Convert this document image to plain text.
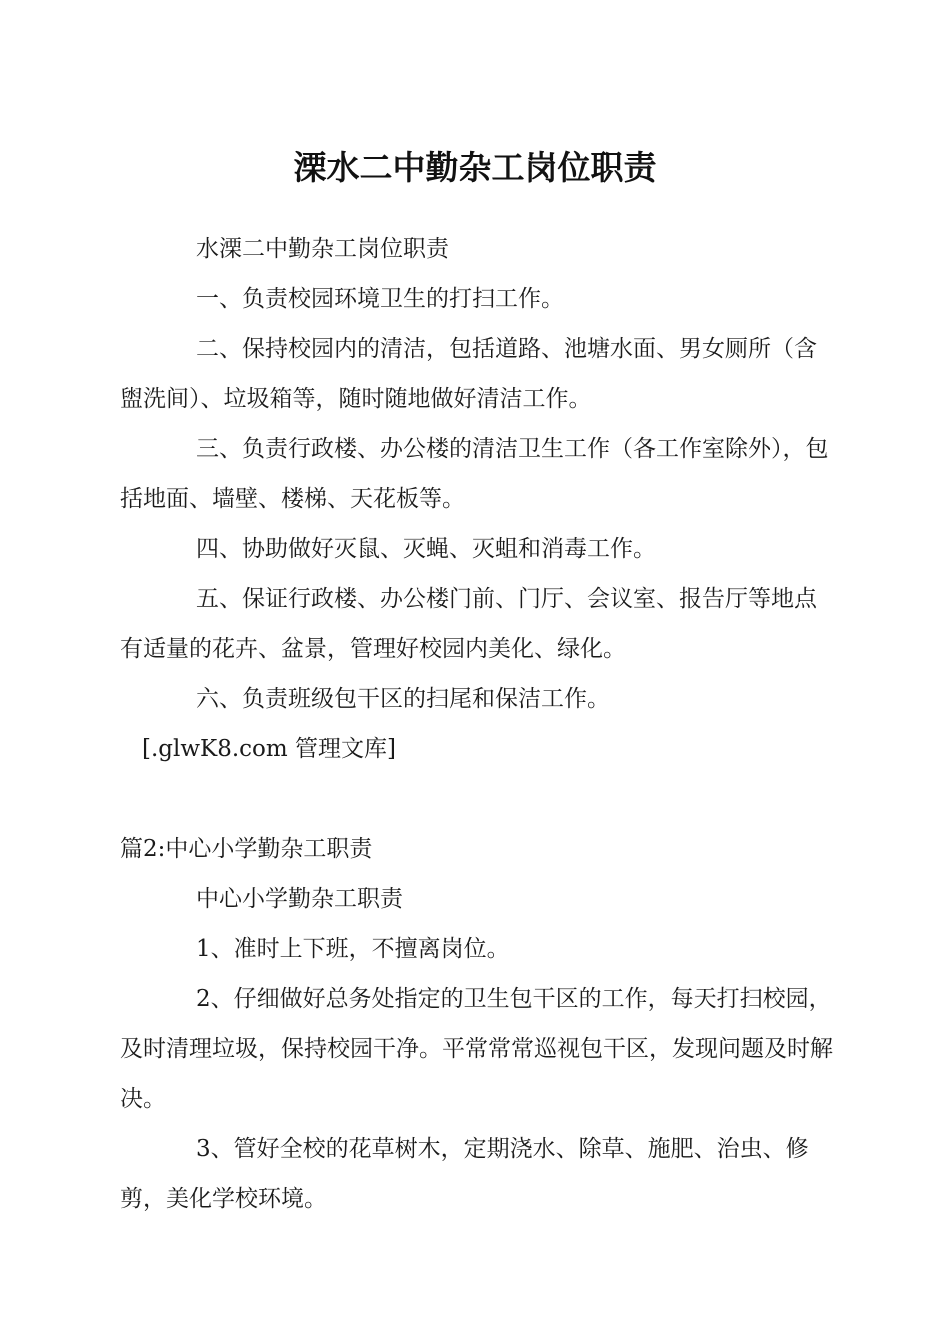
溧水二中勤杂工岗位职责

水溧二中勤杂工岗位职责

一、负责校园环境卫生的打扫工作。

二、保持校园内的清洁，包括道路、池塘水面、男女厕所（含盥洗间）、垃圾箱等，随时随地做好清洁工作。

三、负责行政楼、办公楼的清洁卫生工作（各工作室除外），包括地面、墙壁、楼梯、天花板等。

四、协助做好灭鼠、灭蝇、灭蛆和消毒工作。

五、保证行政楼、办公楼门前、门厅、会议室、报告厅等地点有适量的花卉、盆景，管理好校园内美化、绿化。

六、负责班级包干区的扫尾和保洁工作。

[.glwK8.com 管理文库]

篇2:中心小学勤杂工职责

中心小学勤杂工职责

1、准时上下班，不擅离岗位。

2、仔细做好总务处指定的卫生包干区的工作，每天打扫校园，及时清理垃圾，保持校园干净。平常常常巡视包干区，发现问题及时解决。

3、管好全校的花草树木，定期浇水、除草、施肥、治虫、修剪，美化学校环境。
